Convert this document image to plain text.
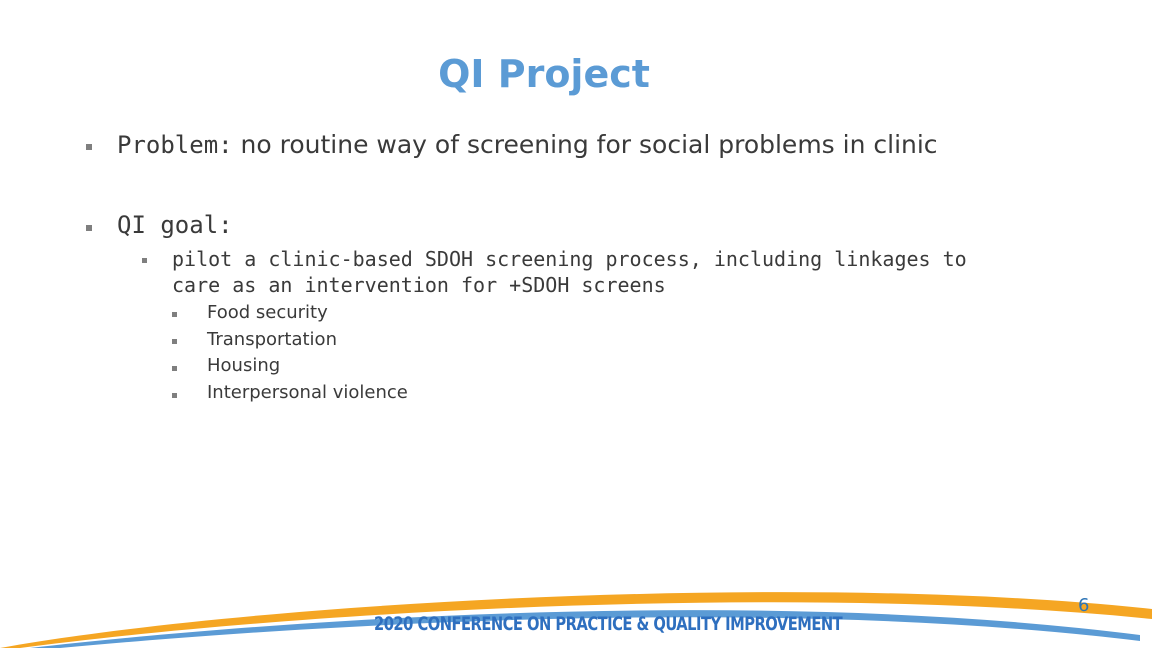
QI Project
Problem: no routine way of screening for social problems in clinic
QI goal:
pilot a clinic-based SDOH screening process, including linkages to care as an intervention for +SDOH screens
Food security
Transportation
Housing
Interpersonal violence
6
2020 CONFERENCE ON PRACTICE & QUALITY IMPROVEMENT
